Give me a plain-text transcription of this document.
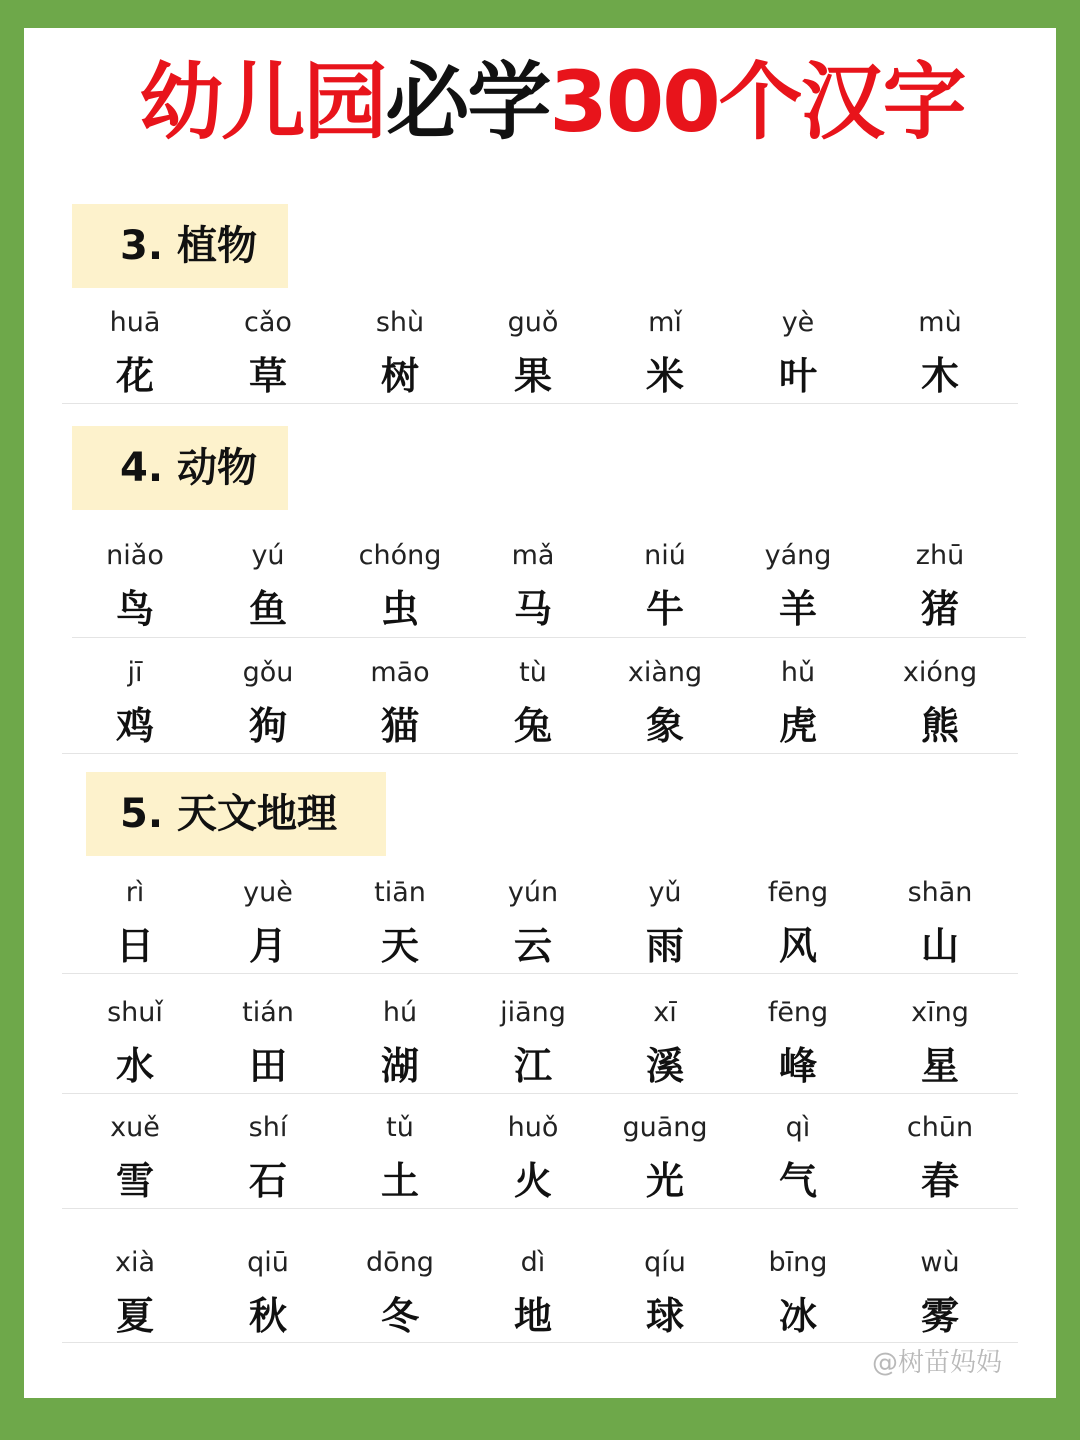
幼儿园必学300个汉字
3. 植物
4. 动物
5. 天文地理
huā
花
cǎo
草
shù
树
guǒ
果
mǐ
米
yè
叶
mù
木
niǎo
鸟
yú
鱼
chóng
虫
mǎ
马
niú
牛
yáng
羊
zhū
猪
jī
鸡
gǒu
狗
māo
猫
tù
兔
xiàng
象
hǔ
虎
xióng
熊
rì
日
yuè
月
tiān
天
yún
云
yǔ
雨
fēng
风
shān
山
shuǐ
水
tián
田
hú
湖
jiāng
江
xī
溪
fēng
峰
xīng
星
xuě
雪
shí
石
tǔ
土
huǒ
火
guāng
光
qì
气
chūn
春
xià
夏
qiū
秋
dōng
冬
dì
地
qíu
球
bīng
冰
wù
雾
@树苗妈妈
